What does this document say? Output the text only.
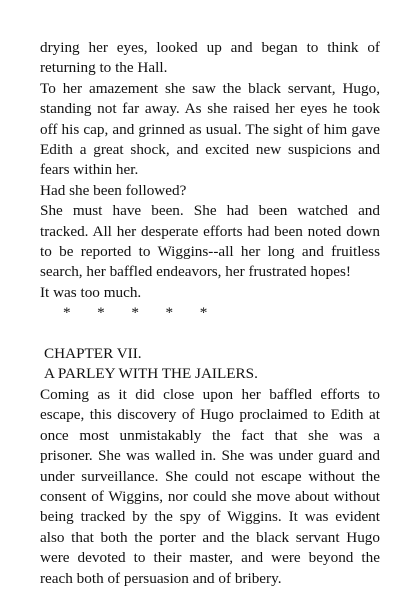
drying her eyes, looked up and began to think of returning to the Hall.

To her amazement she saw the black servant, Hugo, standing not far away. As she raised her eyes he took off his cap, and grinned as usual. The sight of him gave Edith a great shock, and excited new suspicions and fears within her.

Had she been followed?

She must have been. She had been watched and tracked. All her desperate efforts had been noted down to be reported to Wiggins--all her long and fruitless search, her baffled endeavors, her frustrated hopes!

It was too much.

*       *       *       *       *

CHAPTER VII.

A PARLEY WITH THE JAILERS.

Coming as it did close upon her baffled efforts to escape, this discovery of Hugo proclaimed to Edith at once most unmistakably the fact that she was a prisoner. She was walled in. She was under guard and under surveillance. She could not escape without the consent of Wiggins, nor could she move about without being tracked by the spy of Wiggins. It was evident also that both the porter and the black servant Hugo were devoted to their master, and were beyond the reach both of persuasion and of bribery.
